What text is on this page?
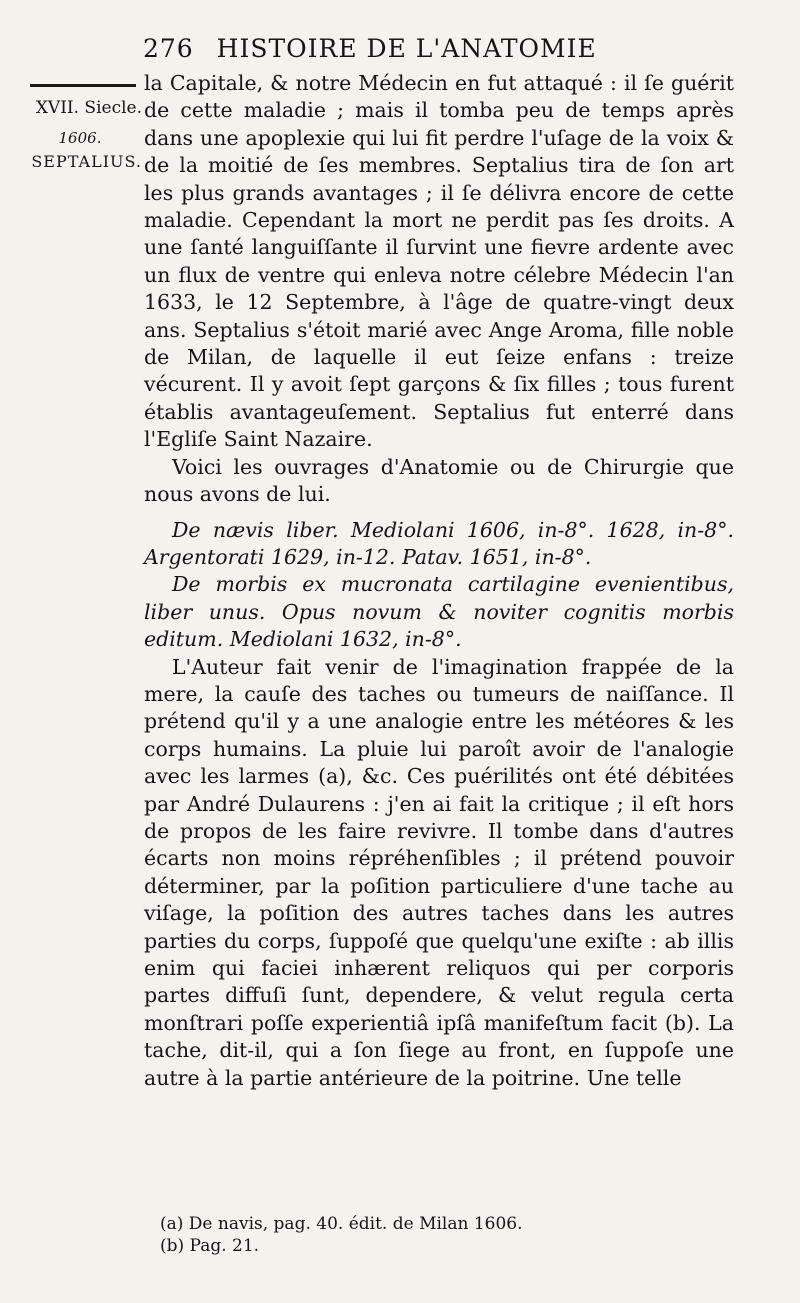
276 HISTOIRE DE L'ANATOMIE
XVII. Siecle.
1606.
SEPTALIUS.

la Capitale, & notre Médecin en fut attaqué : il ſe guérit de cette maladie ; mais il tomba peu de temps après dans une apoplexie qui lui fit perdre l'uſage de la voix & de la moitié de ſes membres. Septalius tira de ſon art les plus grands avantages ; il ſe délivra encore de cette maladie. Cependant la mort ne perdit pas ſes droits. A une ſanté languiſſante il ſurvint une fievre ardente avec un flux de ventre qui enleva notre célebre Médecin l'an 1633, le 12 Septembre, à l'âge de quatre-vingt deux ans. Septalius s'étoit marié avec Ange Aroma, fille noble de Milan, de laquelle il eut ſeize enfans : treize vécurent. Il y avoit ſept garçons & ſix filles ; tous furent établis avantageuſement. Septalius fut enterré dans l'Egliſe Saint Nazaire.

Voici les ouvrages d'Anatomie ou de Chirurgie que nous avons de lui.

De nævis liber. Mediolani 1606, in-8°. 1628, in-8°. Argentorati 1629, in-12. Patav. 1651, in-8°.

De morbis ex mucronata cartilagine evenientibus, liber unus. Opus novum & noviter cognitis morbis editum. Mediolani 1632, in-8°.

L'Auteur fait venir de l'imagination frappée de la mere, la cauſe des taches ou tumeurs de naiſſance. Il prétend qu'il y a une analogie entre les météores & les corps humains. La pluie lui paroît avoir de l'analogie avec les larmes (a), &c. Ces puérilités ont été débitées par André Dulaurens : j'en ai fait la critique ; il eſt hors de propos de les faire revivre. Il tombe dans d'autres écarts non moins répréhenſibles ; il prétend pouvoir déterminer, par la poſition particuliere d'une tache au viſage, la poſition des autres taches dans les autres parties du corps, ſuppoſé que quelqu'une exiſte : ab illis enim qui faciei inhærent reliquos qui per corporis partes diffuſi ſunt, dependere, & velut regula certa monſtrari poſſe experientiâ ipſâ manifeſtum facit (b). La tache, dit-il, qui a ſon ſiege au front, en ſuppoſe une autre à la partie antérieure de la poitrine. Une telle

(a) De navis, pag. 40. édit. de Milan 1606.

(b) Pag. 21.
